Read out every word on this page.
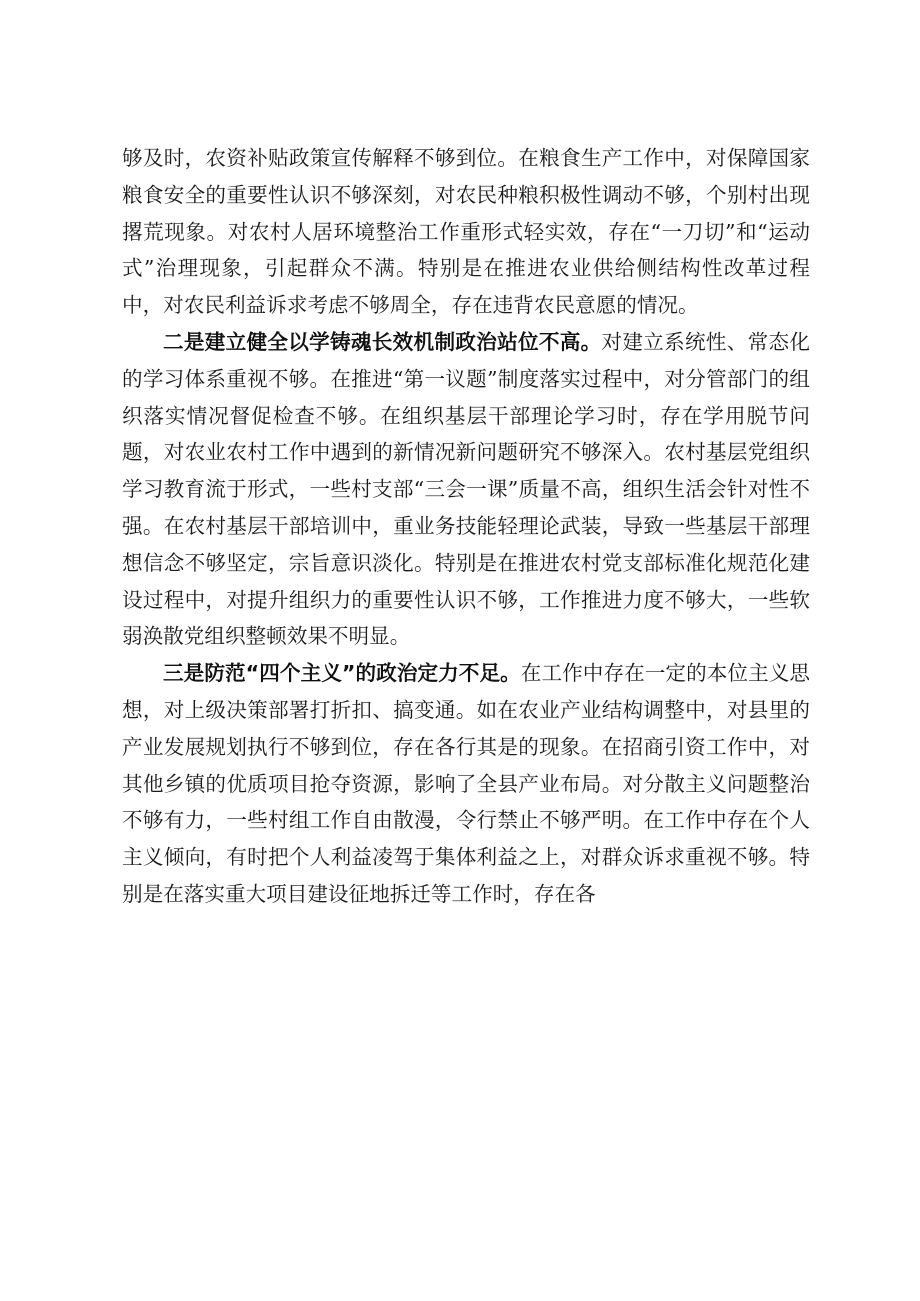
够及时，农资补贴政策宣传解释不够到位。在粮食生产工作中，对保障国家粮食安全的重要性认识不够深刻，对农民种粮积极性调动不够，个别村出现撂荒现象。对农村人居环境整治工作重形式轻实效，存在“一刀切”和“运动式”治理现象，引起群众不满。特别是在推进农业供给侧结构性改革过程中，对农民利益诉求考虑不够周全，存在违背农民意愿的情况。

二是建立健全以学铸魂长效机制政治站位不高。对建立系统性、常态化的学习体系重视不够。在推进“第一议题”制度落实过程中，对分管部门的组织落实情况督促检查不够。在组织基层干部理论学习时，存在学用脱节问题，对农业农村工作中遇到的新情况新问题研究不够深入。农村基层党组织学习教育流于形式，一些村支部“三会一课”质量不高，组织生活会针对性不强。在农村基层干部培训中，重业务技能轻理论武装，导致一些基层干部理想信念不够坚定，宗旨意识淡化。特别是在推进农村党支部标准化规范化建设过程中，对提升组织力的重要性认识不够，工作推进力度不够大，一些软弱涣散党组织整顿效果不明显。

三是防范“四个主义”的政治定力不足。在工作中存在一定的本位主义思想，对上级决策部署打折扣、搞变通。如在农业产业结构调整中，对县里的产业发展规划执行不够到位，存在各行其是的现象。在招商引资工作中，对其他乡镇的优质项目抢夺资源，影响了全县产业布局。对分散主义问题整治不够有力，一些村组工作自由散漫，令行禁止不够严明。在工作中存在个人主义倾向，有时把个人利益凌驾于集体利益之上，对群众诉求重视不够。特别是在落实重大项目建设征地拆迁等工作时，存在各
